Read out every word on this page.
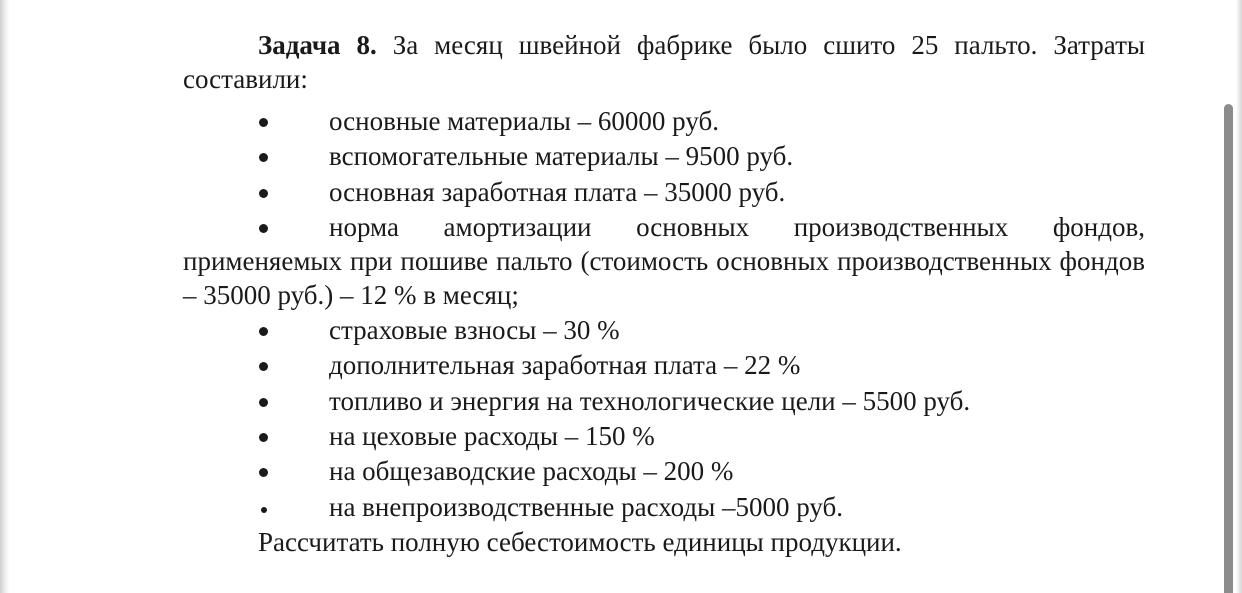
Задача 8. За месяц швейной фабрике было сшито 25 пальто. Затраты составили:

основные материалы – 60000 руб.
вспомогательные материалы – 9500 руб.
основная заработная плата – 35000 руб.
норма амортизации основных производственных фондов, применяемых при пошиве пальто (стоимость основных производственных фондов – 35000 руб.) – 12 % в месяц;
страховые взносы – 30 %
дополнительная заработная плата – 22 %
топливо и энергия на технологические цели – 5500 руб.
на цеховые расходы – 150 %
на общезаводские расходы – 200 %
на внепроизводственные расходы –5000 руб.

Рассчитать полную себестоимость единицы продукции.
